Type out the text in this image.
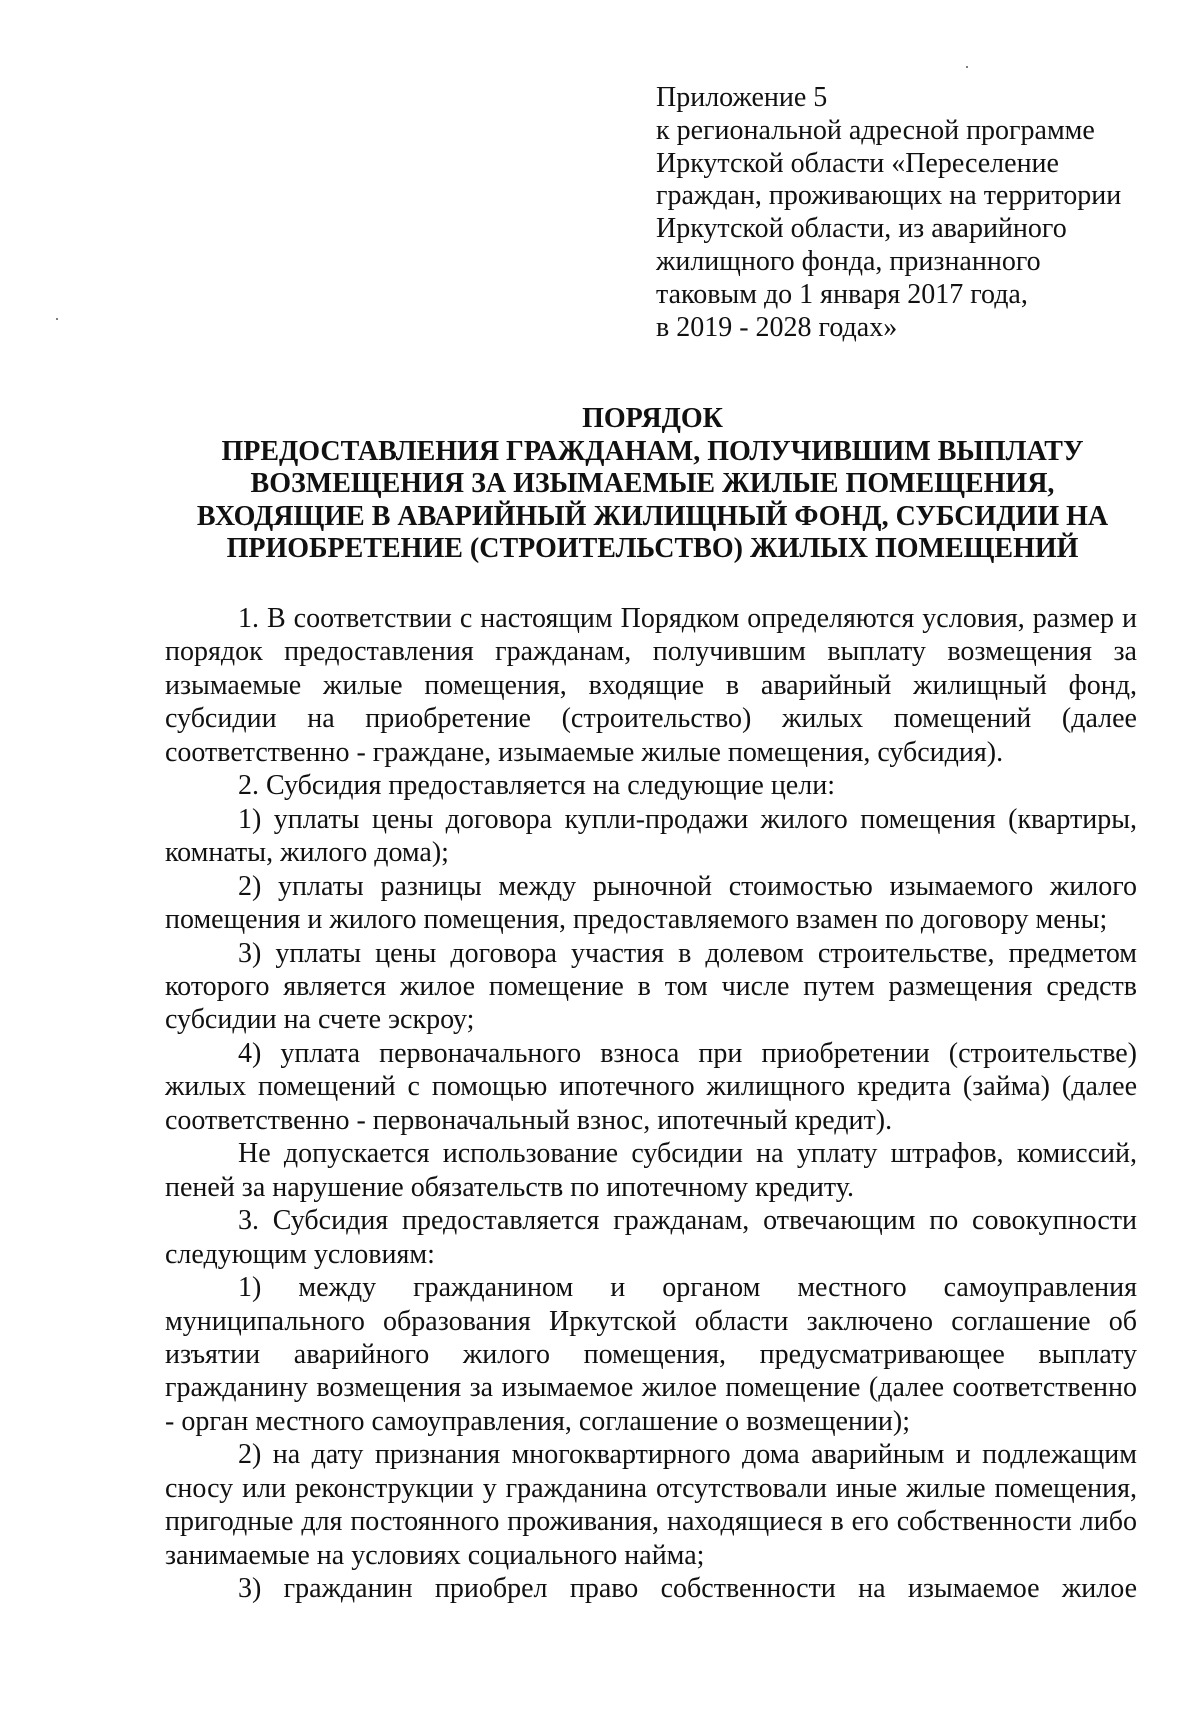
Приложение 5
к региональной адресной программе
Иркутской области «Переселение
граждан, проживающих на территории
Иркутской области, из аварийного
жилищного фонда, признанного
таковым до 1 января 2017 года,
в 2019 - 2028 годах»
ПОРЯДОК
ПРЕДОСТАВЛЕНИЯ ГРАЖДАНАМ, ПОЛУЧИВШИМ ВЫПЛАТУ
ВОЗМЕЩЕНИЯ ЗА ИЗЫМАЕМЫЕ ЖИЛЫЕ ПОМЕЩЕНИЯ,
ВХОДЯЩИЕ В АВАРИЙНЫЙ ЖИЛИЩНЫЙ ФОНД, СУБСИДИИ НА
ПРИОБРЕТЕНИЕ (СТРОИТЕЛЬСТВО) ЖИЛЫХ ПОМЕЩЕНИЙ

1. В соответствии с настоящим Порядком определяются условия, размер и порядок предоставления гражданам, получившим выплату возмещения за изымаемые жилые помещения, входящие в аварийный жилищный фонд, субсидии на приобретение (строительство) жилых помещений (далее соответственно - граждане, изымаемые жилые помещения, субсидия).

2. Субсидия предоставляется на следующие цели:

1) уплаты цены договора купли-продажи жилого помещения (квартиры, комнаты, жилого дома);

2) уплаты разницы между рыночной стоимостью изымаемого жилого помещения и жилого помещения, предоставляемого взамен по договору мены;

3) уплаты цены договора участия в долевом строительстве, предметом которого является жилое помещение в том числе путем размещения средств субсидии на счете эскроу;

4) уплата первоначального взноса при приобретении (строительстве) жилых помещений с помощью ипотечного жилищного кредита (займа) (далее соответственно - первоначальный взнос, ипотечный кредит).

Не допускается использование субсидии на уплату штрафов, комиссий, пеней за нарушение обязательств по ипотечному кредиту.

3. Субсидия предоставляется гражданам, отвечающим по совокупности следующим условиям:

1) между гражданином и органом местного самоуправления муниципального образования Иркутской области заключено соглашение об изъятии аварийного жилого помещения, предусматривающее выплату гражданину возмещения за изымаемое жилое помещение (далее соответственно - орган местного самоуправления, соглашение о возмещении);

2) на дату признания многоквартирного дома аварийным и подлежащим сносу или реконструкции у гражданина отсутствовали иные жилые помещения, пригодные для постоянного проживания, находящиеся в его собственности либо занимаемые на условиях социального найма;

3) гражданин приобрел право собственности на изымаемое жилое
